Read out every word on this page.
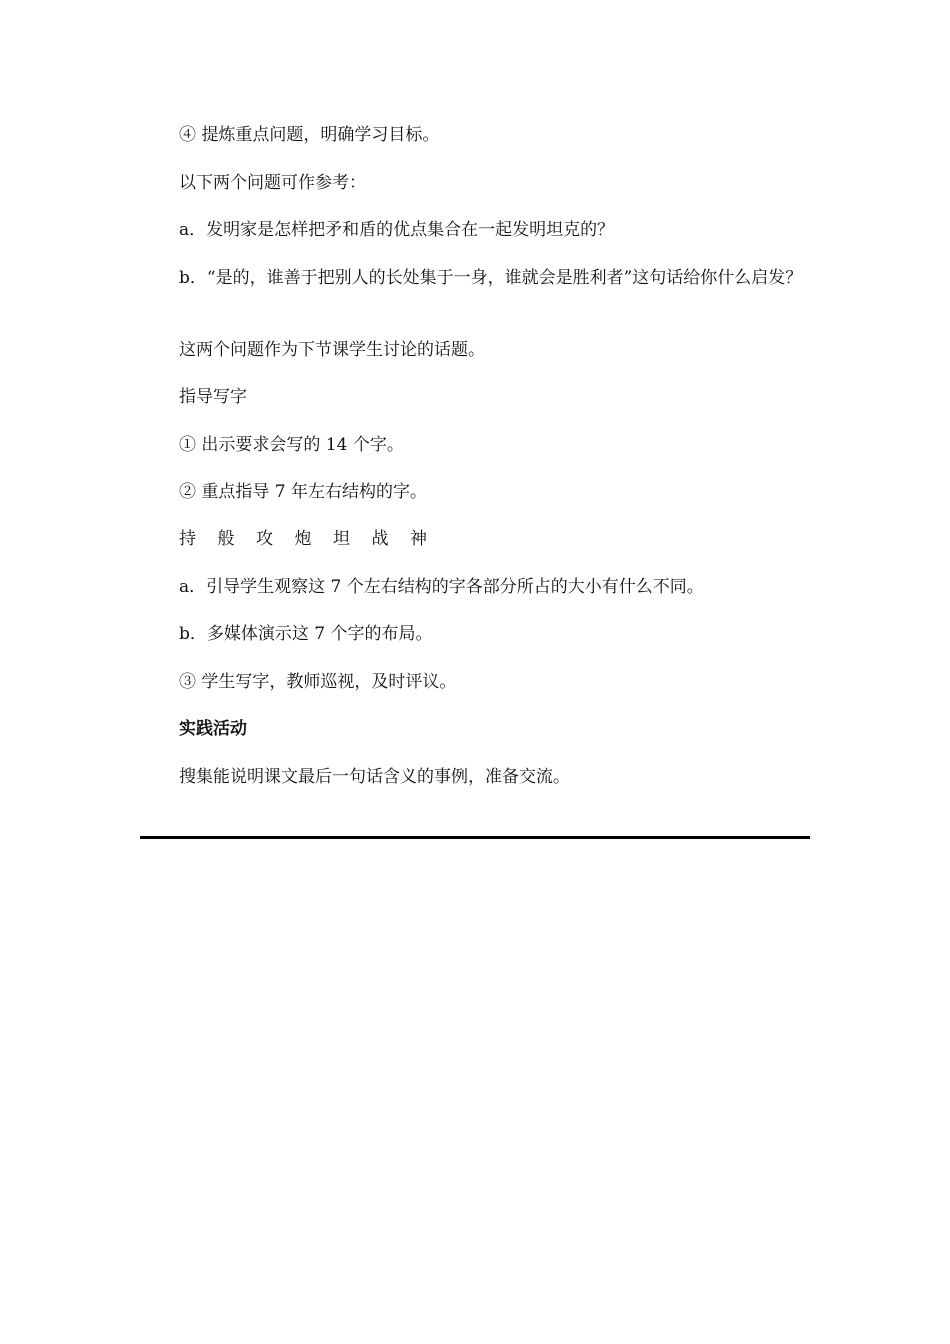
④ 提炼重点问题，明确学习目标。

以下两个问题可作参考：

a．发明家是怎样把矛和盾的优点集合在一起发明坦克的？

b．“是的，谁善于把别人的长处集于一身，谁就会是胜利者”这句话给你什么启发？

这两个问题作为下节课学生讨论的话题。

指导写字

① 出示要求会写的 14 个字。

② 重点指导 7 年左右结构的字。

持	般	攻	炮	坦	战	神

a．引导学生观察这 7 个左右结构的字各部分所占的大小有什么不同。

b．多媒体演示这 7 个字的布局。

③ 学生写字，教师巡视，及时评议。

实践活动

搜集能说明课文最后一句话含义的事例，准备交流。
